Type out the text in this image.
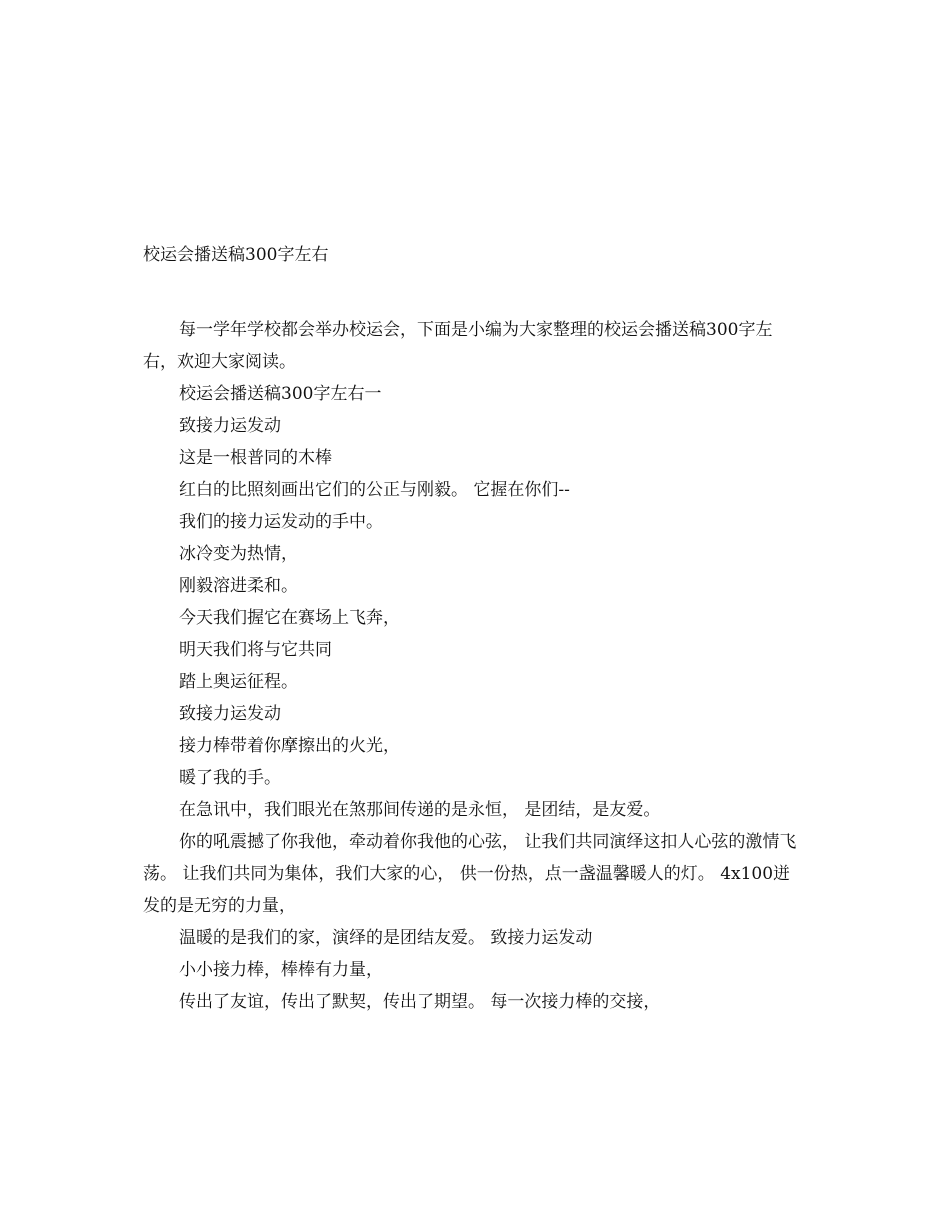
校运会播送稿300字左右

每一学年学校都会举办校运会，下面是小编为大家整理的校运会播送稿300字左右，欢迎大家阅读。

校运会播送稿300字左右一

致接力运发动

这是一根普同的木棒

红白的比照刻画出它们的公正与刚毅。 它握在你们--

我们的接力运发动的手中。

冰冷变为热情，

刚毅溶进柔和。

今天我们握它在赛场上飞奔，

明天我们将与它共同

踏上奥运征程。

致接力运发动

接力棒带着你摩擦出的火光，

暖了我的手。

在急讯中，我们眼光在煞那间传递的是永恒， 是团结，是友爱。

你的吼震撼了你我他，牵动着你我他的心弦， 让我们共同演绎这扣人心弦的激情飞荡。 让我们共同为集体，我们大家的心， 供一份热，点一盏温馨暖人的灯。 4x100迸发的是无穷的力量，

温暖的是我们的家，演绎的是团结友爱。 致接力运发动

小小接力棒，棒棒有力量，

传出了友谊，传出了默契，传出了期望。 每一次接力棒的交接，
